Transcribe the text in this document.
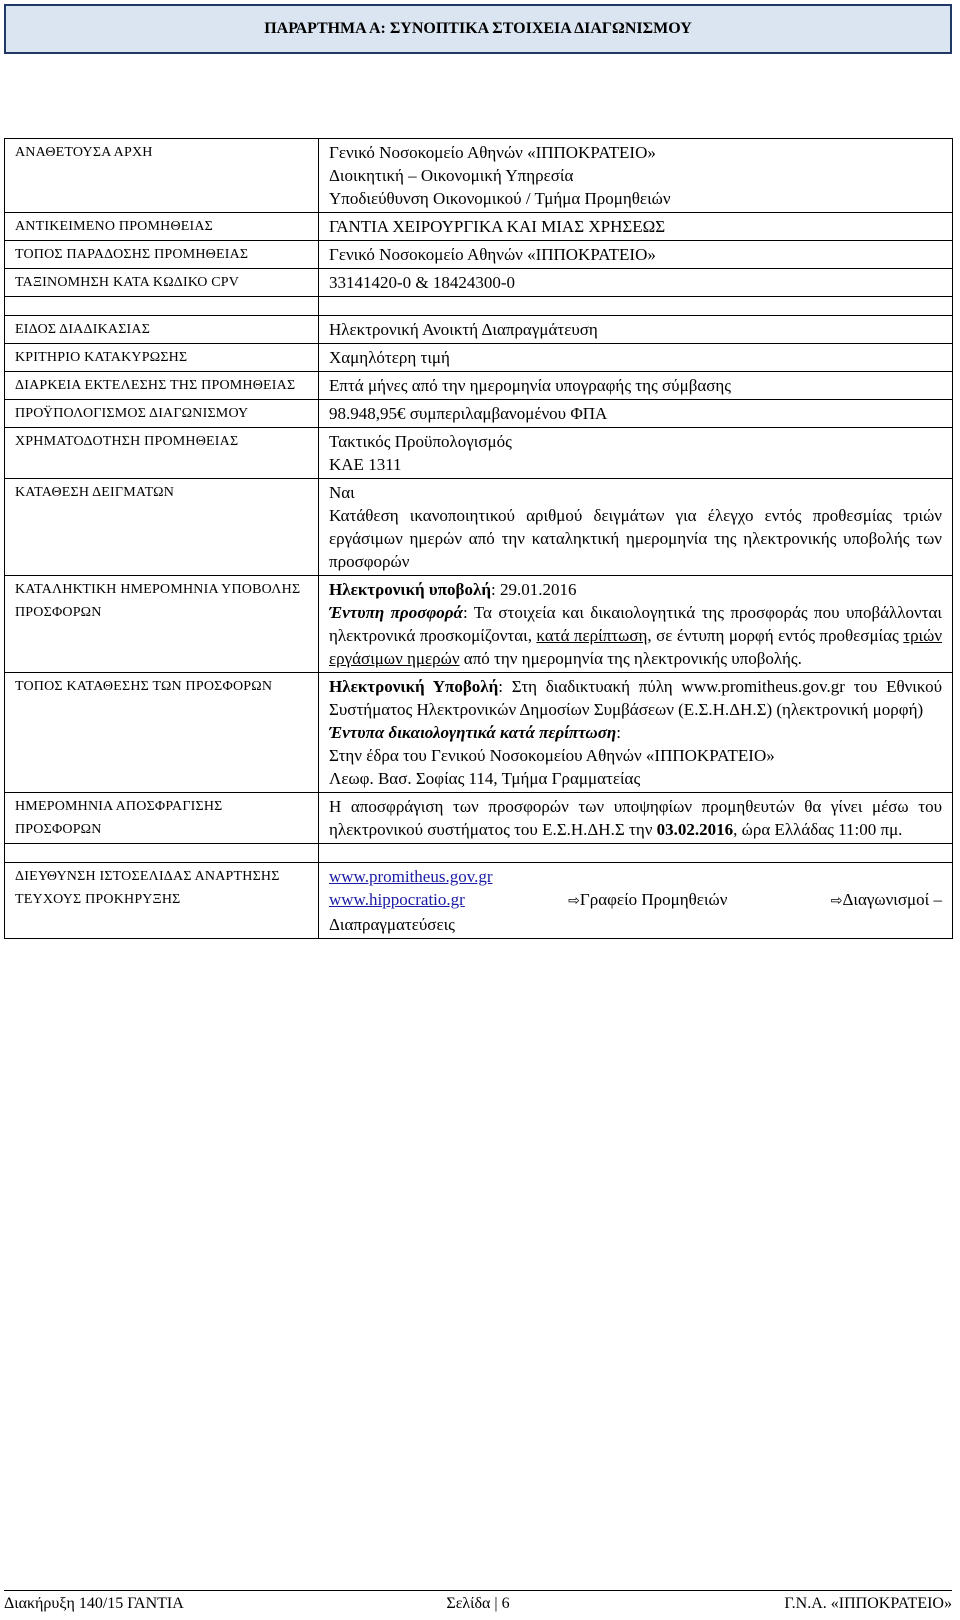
ΠΑΡΑΡΤΗΜΑ Α: ΣΥΝΟΠΤΙΚΑ ΣΤΟΙΧΕΙΑ ΔΙΑΓΩΝΙΣΜΟΥ
ΑΝΑΘΕΤΟΥΣΑ ΑΡΧΗ	Γενικό Νοσοκομείο Αθηνών «ΙΠΠΟΚΡΑΤΕΙΟ»
Διοικητική – Οικονομική Υπηρεσία
Υποδιεύθυνση Οικονομικού / Τμήμα Προμηθειών

ΑΝΤΙΚΕΙΜΕΝΟ ΠΡΟΜΗΘΕΙΑΣ	ΓΑΝΤΙΑ ΧΕΙΡΟΥΡΓΙΚΑ ΚΑΙ ΜΙΑΣ ΧΡΗΣΕΩΣ
ΤΟΠΟΣ ΠΑΡΑΔΟΣΗΣ ΠΡΟΜΗΘΕΙΑΣ	Γενικό Νοσοκομείο Αθηνών «ΙΠΠΟΚΡΑΤΕΙΟ»
ΤΑΞΙΝΟΜΗΣΗ ΚΑΤΑ ΚΩΔΙΚΟ CPV	33141420-0 & 18424300-0

ΕΙΔΟΣ ΔΙΑΔΙΚΑΣΙΑΣ	Ηλεκτρονική Ανοικτή Διαπραγμάτευση
ΚΡΙΤΗΡΙΟ ΚΑΤΑΚΥΡΩΣΗΣ	Χαμηλότερη τιμή
ΔΙΑΡΚΕΙΑ ΕΚΤΕΛΕΣΗΣ ΤΗΣ ΠΡΟΜΗΘΕΙΑΣ	Επτά μήνες από την ημερομηνία υπογραφής της σύμβασης
ΠΡΟΫΠΟΛΟΓΙΣΜΟΣ ΔΙΑΓΩΝΙΣΜΟΥ	98.948,95€ συμπεριλαμβανομένου ΦΠΑ
ΧΡΗΜΑΤΟΔΟΤΗΣΗ ΠΡΟΜΗΘΕΙΑΣ	Τακτικός Προϋπολογισμός
ΚΑΕ 1311

ΚΑΤΑΘΕΣΗ ΔΕΙΓΜΑΤΩΝ	Ναι
Κατάθεση ικανοποιητικού αριθμού δειγμάτων για έλεγχο εντός προθεσμίας τριών εργάσιμων ημερών από την καταληκτική ημερομηνία της ηλεκτρονικής υποβολής των προσφορών

ΚΑΤΑΛΗΚΤΙΚΗ ΗΜΕΡΟΜΗΝΙΑ ΥΠΟΒΟΛΗΣ ΠΡΟΣΦΟΡΩΝ	Ηλεκτρονική υποβολή: 29.01.2016
Έντυπη προσφορά: Τα στοιχεία και δικαιολογητικά της προσφοράς που υποβάλλονται ηλεκτρονικά προσκομίζονται, κατά περίπτωση, σε έντυπη μορφή εντός προθεσμίας τριών εργάσιμων ημερών από την ημερομηνία της ηλεκτρονικής υποβολής.

ΤΟΠΟΣ ΚΑΤΑΘΕΣΗΣ ΤΩΝ ΠΡΟΣΦΟΡΩΝ	Ηλεκτρονική Υποβολή: Στη διαδικτυακή πύλη www.promitheus.gov.gr του Εθνικού Συστήματος Ηλεκτρονικών Δημοσίων Συμβάσεων (Ε.Σ.Η.ΔΗ.Σ) (ηλεκτρονική μορφή)
Έντυπα δικαιολογητικά κατά περίπτωση:
Στην έδρα του Γενικού Νοσοκομείου Αθηνών «ΙΠΠΟΚΡΑΤΕΙΟ»
Λεωφ. Βασ. Σοφίας 114, Τμήμα Γραμματείας

ΗΜΕΡΟΜΗΝΙΑ ΑΠΟΣΦΡΑΓΙΣΗΣ ΠΡΟΣΦΟΡΩΝ	Η αποσφράγιση των προσφορών των υποψηφίων προμηθευτών θα γίνει μέσω του ηλεκτρονικού συστήματος του Ε.Σ.Η.ΔΗ.Σ την 03.02.2016, ώρα Ελλάδας 11:00 πμ.

ΔΙΕΥΘΥΝΣΗ ΙΣΤΟΣΕΛΙΔΑΣ ΑΝΑΡΤΗΣΗΣ ΤΕΥΧΟΥΣ ΠΡΟΚΗΡΥΞΗΣ	www.promitheus.gov.gr
www.hippocratio.gr ⇨Γραφείο Προμηθειών ⇨Διαγωνισμοί –
Διαπραγματεύσεις
Διακήρυξη 140/15 ΓΑΝΤΙΑ	Σελίδα | 6	Γ.Ν.Α. «ΙΠΠΟΚΡΑΤΕΙΟ»
